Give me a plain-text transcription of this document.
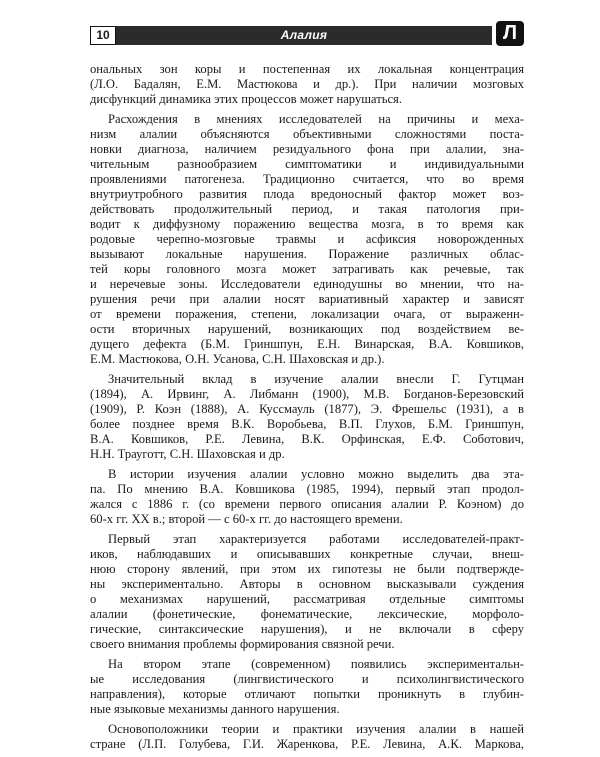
10	Алалия	Л
ональных зон коры и постепенная их локальная концентрация
(Л.О. Бадалян, Е.М. Мастюкова и др.). При наличии мозговых
дисфункций динамика этих процессов может нарушаться.
Расхождения в мнениях исследователей на причины и меха-
низм алалии объясняются объективными сложностями поста-
новки диагноза, наличием резидуального фона при алалии, зна-
чительным разнообразием симптоматики и индивидуальными
проявлениями патогенеза. Традиционно считается, что во время
внутриутробного развития плода вредоносный фактор может воз-
действовать продолжительный период, и такая патология при-
водит к диффузному поражению вещества мозга, в то время как
родовые черепно-мозговые травмы и асфиксия новорожденных
вызывают локальные нарушения. Поражение различных облас-
тей коры головного мозга может затрагивать как речевые, так
и неречевые зоны. Исследователи единодушны во мнении, что на-
рушения речи при алалии носят вариативный характер и зависят
от времени поражения, степени, локализации очага, от выраженн-
ости вторичных нарушений, возникающих под воздействием ве-
дущего дефекта (Б.М. Гриншпун, Е.Н. Винарская, В.А. Ковшиков,
Е.М. Мастюкова, О.Н. Усанова, С.Н. Шаховская и др.).
Значительный вклад в изучение алалии внесли Г. Гутцман
(1894), А. Ирвинг, А. Либманн (1900), М.В. Богданов-Березовский
(1909), Р. Коэн (1888), А. Куссмауль (1877), Э. Фрешельс (1931), а в
более позднее время В.К. Воробьева, В.П. Глухов, Б.М. Гриншпун,
В.А. Ковшиков, Р.Е. Левина, В.К. Орфинская, Е.Ф. Соботович,
Н.Н. Трауготт, С.Н. Шаховская и др.
В истории изучения алалии условно можно выделить два эта-
па. По мнению В.А. Ковшикова (1985, 1994), первый этап продол-
жался с 1886 г. (со времени первого описания алалии Р. Коэном) до
60-х гг. XX в.; второй — с 60-х гг. до настоящего времени.
Первый этап характеризуется работами исследователей-практ-
иков, наблюдавших и описывавших конкретные случаи, внеш-
нюю сторону явлений, при этом их гипотезы не были подтвержде-
ны экспериментально. Авторы в основном высказывали суждения
о механизмах нарушений, рассматривая отдельные симптомы
алалии (фонетические, фонематические, лексические, морфоло-
гические, синтаксические нарушения), и не включали в сферу
своего внимания проблемы формирования связной речи.
На втором этапе (современном) появились экспериментальн-
ые исследования (лингвистического и психолингвистического
направления), которые отличают попытки проникнуть в глубин-
ные языковые механизмы данного нарушения.
Основоположники теории и практики изучения алалии в нашей
стране (Л.П. Голубева, Г.И. Жаренкова, Р.Е. Левина, А.К. Маркова,
